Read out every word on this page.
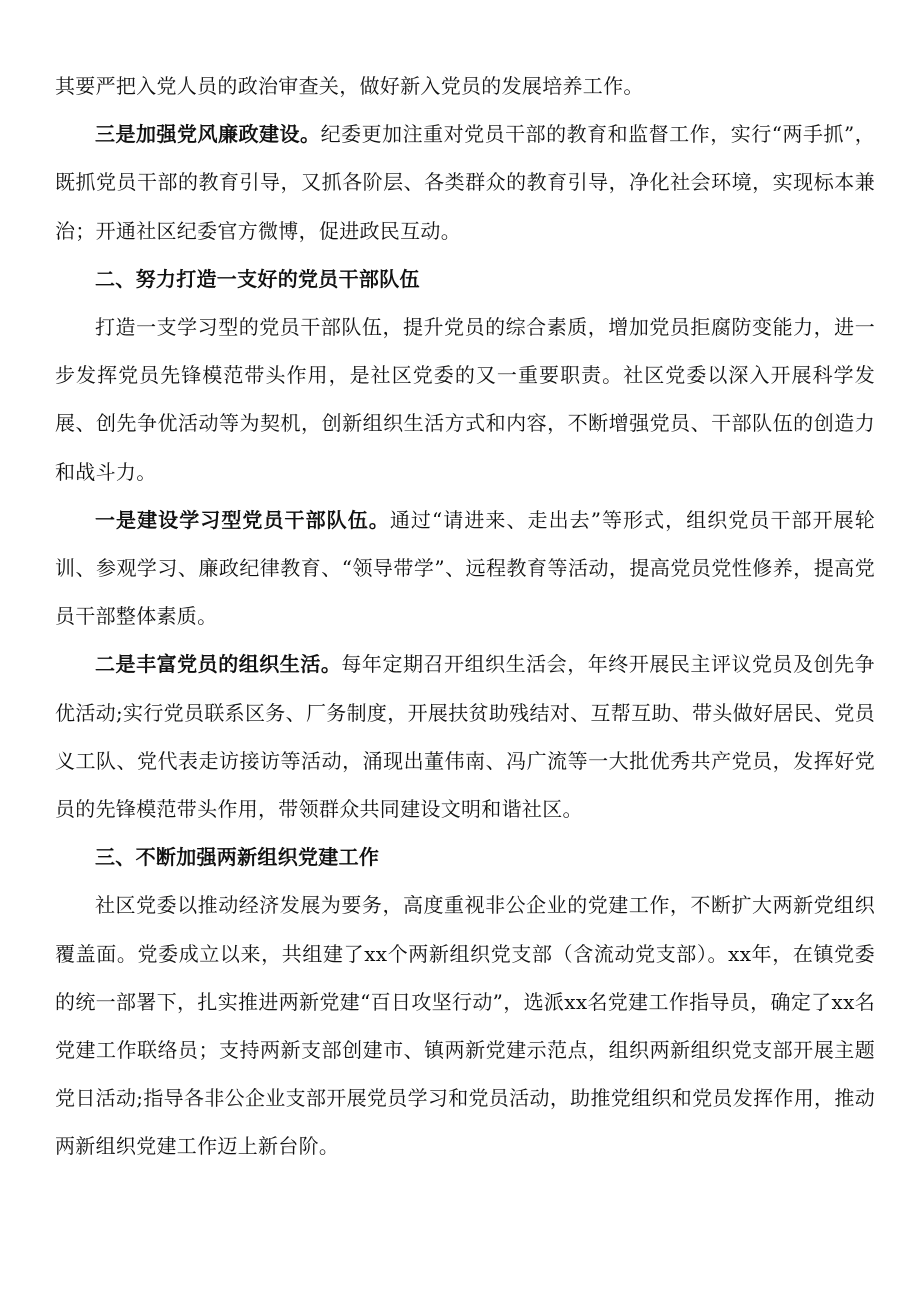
其要严把入党人员的政治审查关，做好新入党员的发展培养工作。

三是加强党风廉政建设。纪委更加注重对党员干部的教育和监督工作，实行“两手抓”，既抓党员干部的教育引导，又抓各阶层、各类群众的教育引导，净化社会环境，实现标本兼治；开通社区纪委官方微博，促进政民互动。

二、努力打造一支好的党员干部队伍

打造一支学习型的党员干部队伍，提升党员的综合素质，增加党员拒腐防变能力，进一步发挥党员先锋模范带头作用，是社区党委的又一重要职责。社区党委以深入开展科学发展、创先争优活动等为契机，创新组织生活方式和内容，不断增强党员、干部队伍的创造力和战斗力。

一是建设学习型党员干部队伍。通过“请进来、走出去”等形式，组织党员干部开展轮训、参观学习、廉政纪律教育、“领导带学”、远程教育等活动，提高党员党性修养，提高党员干部整体素质。

二是丰富党员的组织生活。每年定期召开组织生活会，年终开展民主评议党员及创先争优活动;实行党员联系区务、厂务制度，开展扶贫助残结对、互帮互助、带头做好居民、党员义工队、党代表走访接访等活动，涌现出董伟南、冯广流等一大批优秀共产党员，发挥好党员的先锋模范带头作用，带领群众共同建设文明和谐社区。

三、不断加强两新组织党建工作

社区党委以推动经济发展为要务，高度重视非公企业的党建工作，不断扩大两新党组织覆盖面。党委成立以来，共组建了xx个两新组织党支部（含流动党支部）。xx年，在镇党委的统一部署下，扎实推进两新党建“百日攻坚行动”，选派xx名党建工作指导员，确定了xx名党建工作联络员；支持两新支部创建市、镇两新党建示范点，组织两新组织党支部开展主题党日活动;指导各非公企业支部开展党员学习和党员活动，助推党组织和党员发挥作用，推动两新组织党建工作迈上新台阶。
